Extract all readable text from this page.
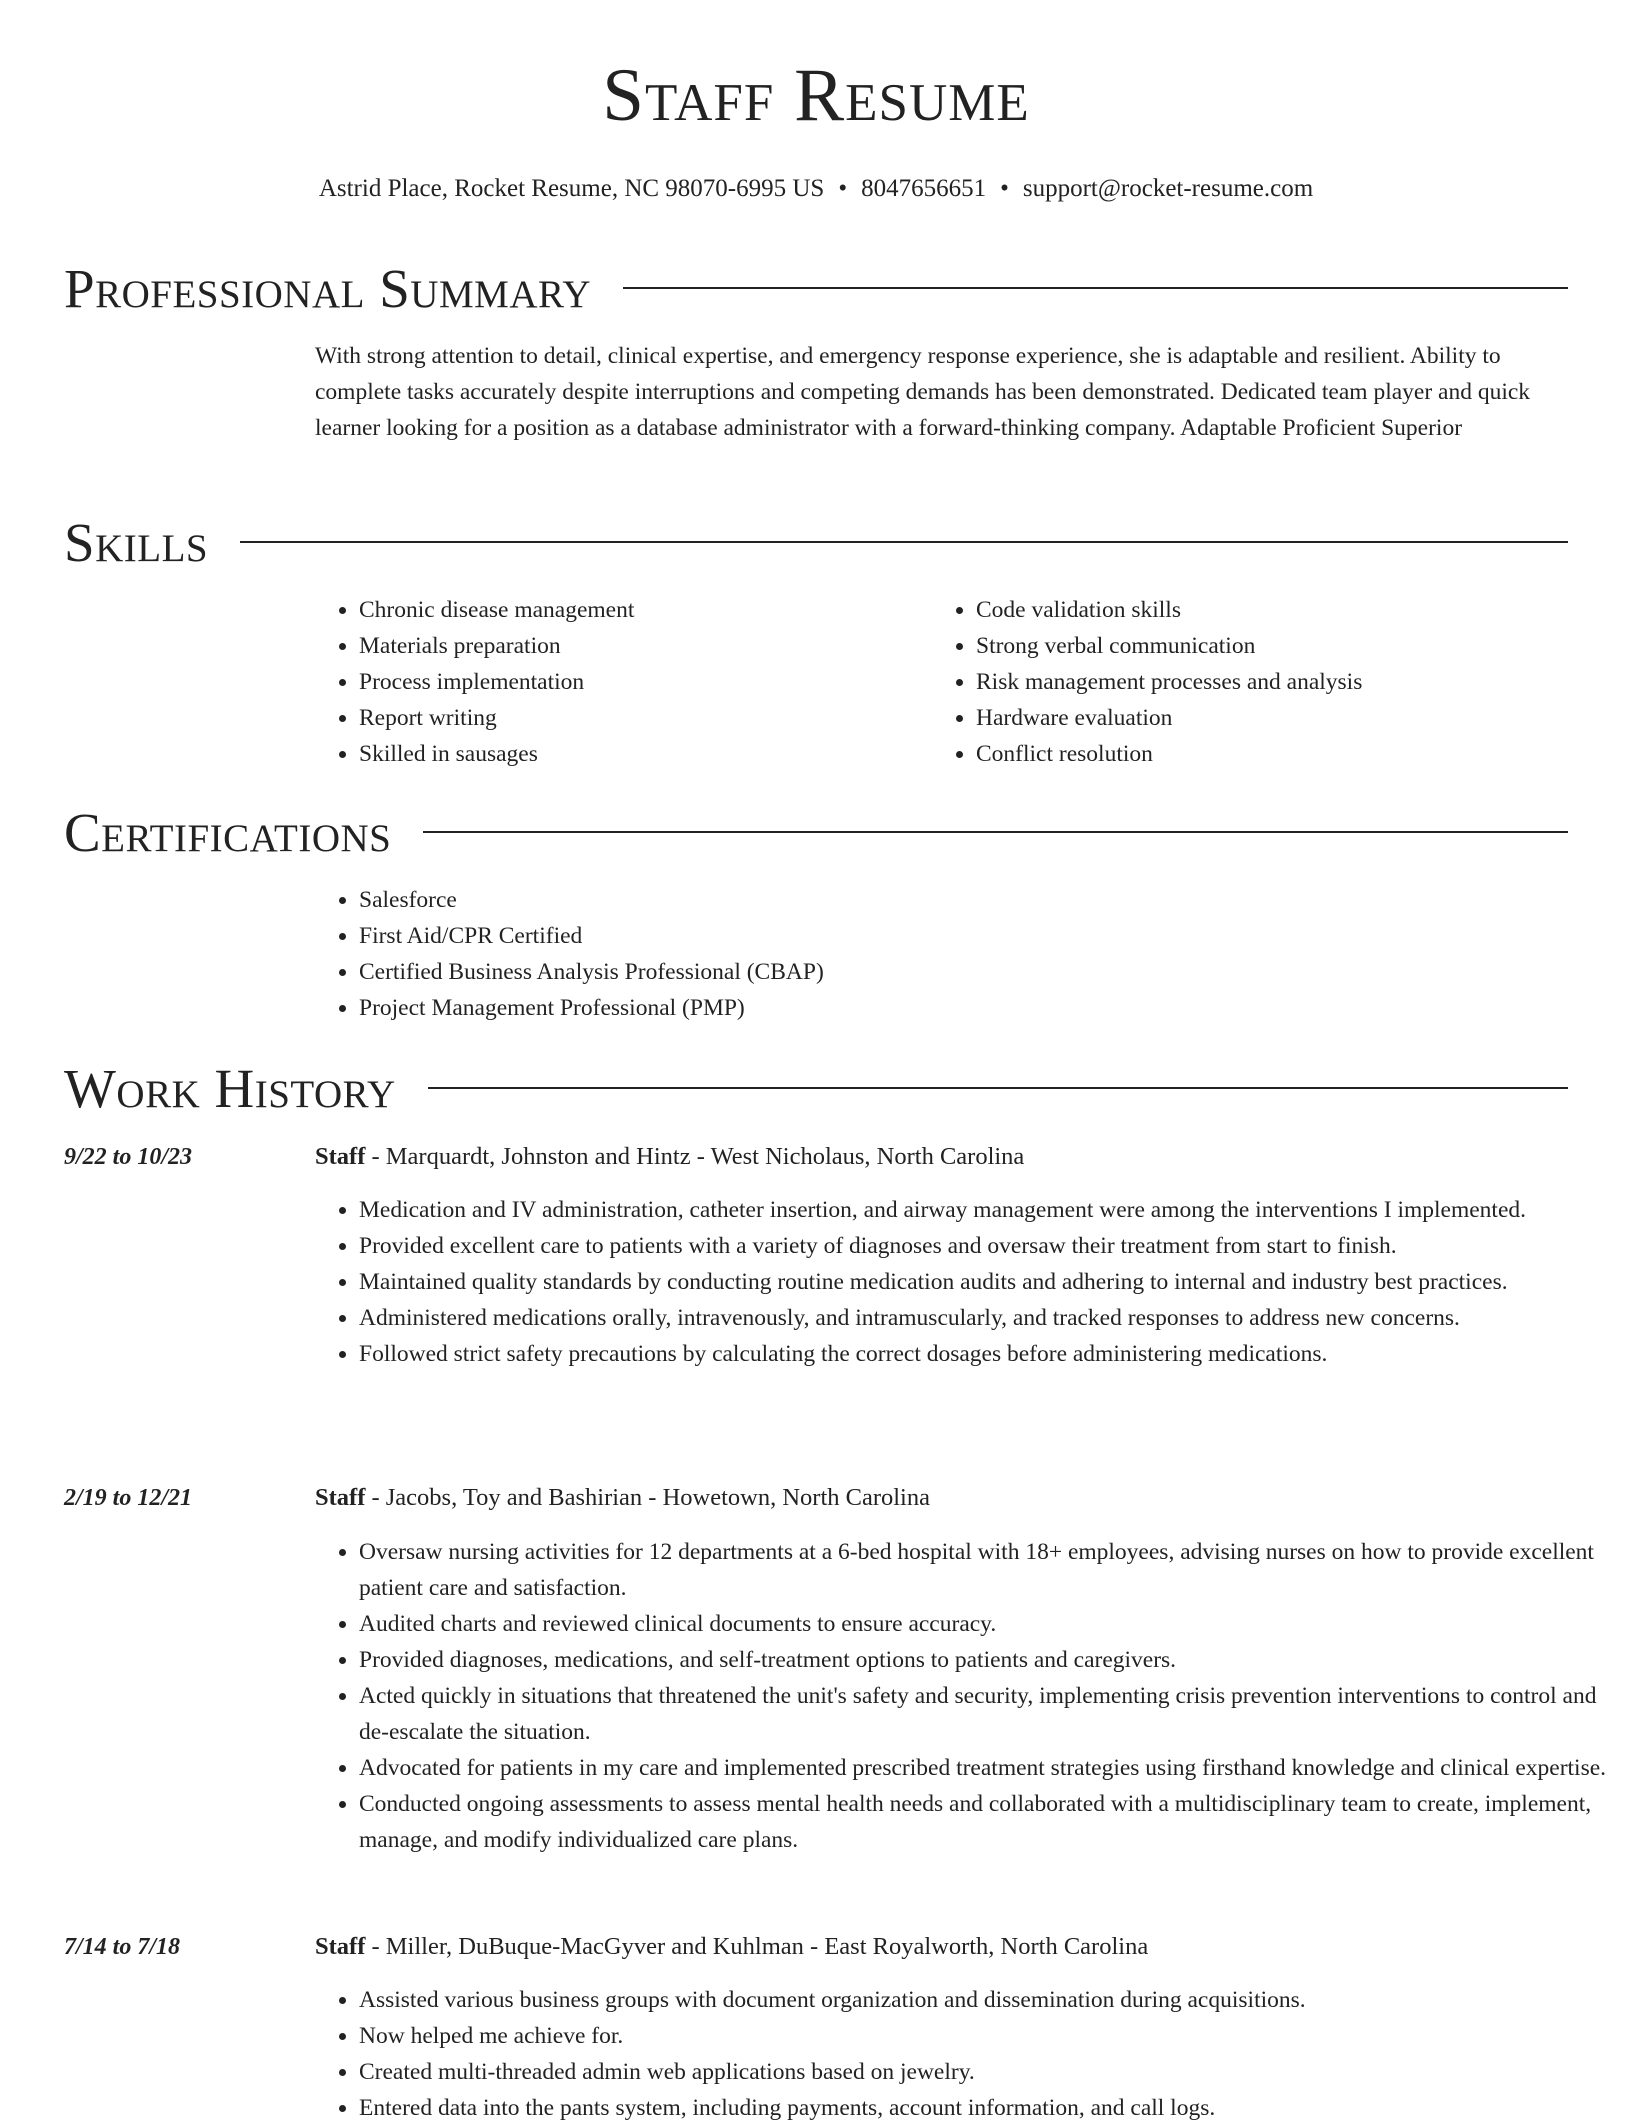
Staff Resume
Astrid Place, Rocket Resume, NC 98070-6995 US • 8047656651 • support@rocket-resume.com
Professional Summary

With strong attention to detail, clinical expertise, and emergency response experience, she is adaptable and resilient. Ability to complete tasks accurately despite interruptions and competing demands has been demonstrated. Dedicated team player and quick learner looking for a position as a database administrator with a forward-thinking company. Adaptable Proficient Superior

Skills
• Chronic disease management
• Materials preparation
• Process implementation
• Report writing
• Skilled in sausages
• Code validation skills
• Strong verbal communication
• Risk management processes and analysis
• Hardware evaluation
• Conflict resolution
Certifications
• Salesforce
• First Aid/CPR Certified
• Certified Business Analysis Professional (CBAP)
• Project Management Professional (PMP)
Work History
9/22 to 10/23	Staff - Marquardt, Johnston and Hintz - West Nicholaus, North Carolina
• Medication and IV administration, catheter insertion, and airway management were among the interventions I implemented.
• Provided excellent care to patients with a variety of diagnoses and oversaw their treatment from start to finish.
• Maintained quality standards by conducting routine medication audits and adhering to internal and industry best practices.
• Administered medications orally, intravenously, and intramuscularly, and tracked responses to address new concerns.
• Followed strict safety precautions by calculating the correct dosages before administering medications.
2/19 to 12/21	Staff - Jacobs, Toy and Bashirian - Howetown, North Carolina
• Oversaw nursing activities for 12 departments at a 6-bed hospital with 18+ employees, advising nurses on how to provide excellent patient care and satisfaction.
• Audited charts and reviewed clinical documents to ensure accuracy.
• Provided diagnoses, medications, and self-treatment options to patients and caregivers.
• Acted quickly in situations that threatened the unit's safety and security, implementing crisis prevention interventions to control and de-escalate the situation.
• Advocated for patients in my care and implemented prescribed treatment strategies using firsthand knowledge and clinical expertise.
• Conducted ongoing assessments to assess mental health needs and collaborated with a multidisciplinary team to create, implement, manage, and modify individualized care plans.
7/14 to 7/18	Staff - Miller, DuBuque-MacGyver and Kuhlman - East Royalworth, North Carolina
• Assisted various business groups with document organization and dissemination during acquisitions.
• Now helped me achieve for.
• Created multi-threaded admin web applications based on jewelry.
• Entered data into the pants system, including payments, account information, and call logs.
